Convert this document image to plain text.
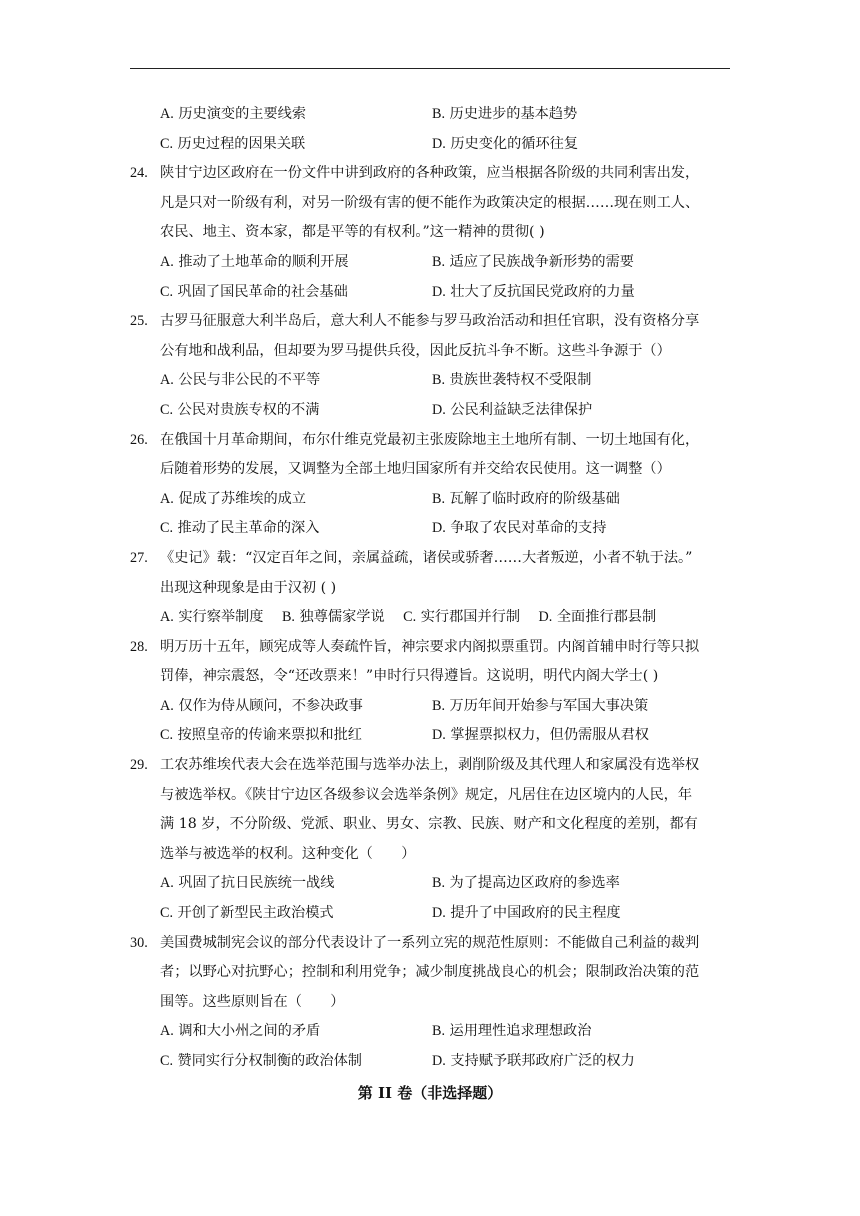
A. 历史演变的主要线索	B. 历史进步的基本趋势
C. 历史过程的因果关联	D. 历史变化的循环往复
24. 陕甘宁边区政府在一份文件中讲到政府的各种政策，应当根据各阶级的共同利害出发，
凡是只对一阶级有利，对另一阶级有害的便不能作为政策决定的根据……现在则工人、
农民、地主、资本家，都是平等的有权利。”这一精神的贯彻( )
A. 推动了土地革命的顺利开展	B. 适应了民族战争新形势的需要
C. 巩固了国民革命的社会基础	D. 壮大了反抗国民党政府的力量
25. 古罗马征服意大利半岛后，意大利人不能参与罗马政治活动和担任官职，没有资格分享
公有地和战利品，但却要为罗马提供兵役，因此反抗斗争不断。这些斗争源于（）
A. 公民与非公民的不平等	B. 贵族世袭特权不受限制
C. 公民对贵族专权的不满	D. 公民利益缺乏法律保护
26. 在俄国十月革命期间，布尔什维克党最初主张废除地主土地所有制、一切土地国有化，
后随着形势的发展，又调整为全部土地归国家所有并交给农民使用。这一调整（）
A. 促成了苏维埃的成立	B. 瓦解了临时政府的阶级基础
C. 推动了民主革命的深入	D. 争取了农民对革命的支持
27. 《史记》载：“汉定百年之间，亲属益疏，诸侯或骄奢……大者叛逆，小者不轨于法。”
出现这种现象是由于汉初 ( )
A. 实行察举制度 B. 独尊儒家学说 C. 实行郡国并行制 D. 全面推行郡县制
28. 明万历十五年，顾宪成等人奏疏忤旨，神宗要求内阁拟票重罚。内阁首辅申时行等只拟
罚俸，神宗震怒，令“还改票来！”申时行只得遵旨。这说明，明代内阁大学士( )
A. 仅作为侍从顾问，不参决政事	B. 万历年间开始参与军国大事决策
C. 按照皇帝的传谕来票拟和批红	D. 掌握票拟权力，但仍需服从君权
29. 工农苏维埃代表大会在选举范围与选举办法上，剥削阶级及其代理人和家属没有选举权
与被选举权。《陕甘宁边区各级参议会选举条例》规定，凡居住在边区境内的人民，年
满 18 岁，不分阶级、党派、职业、男女、宗教、民族、财产和文化程度的差别，都有
选举与被选举的权利。这种变化（　　）
A. 巩固了抗日民族统一战线	B. 为了提高边区政府的参选率
C. 开创了新型民主政治模式	D. 提升了中国政府的民主程度
30. 美国费城制宪会议的部分代表设计了一系列立宪的规范性原则：不能做自己利益的裁判
者；以野心对抗野心；控制和利用党争；减少制度挑战良心的机会；限制政治决策的范
围等。这些原则旨在（　　）
A. 调和大小州之间的矛盾	B. 运用理性追求理想政治
C. 赞同实行分权制衡的政治体制	D. 支持赋予联邦政府广泛的权力
第 II 卷（非选择题）
